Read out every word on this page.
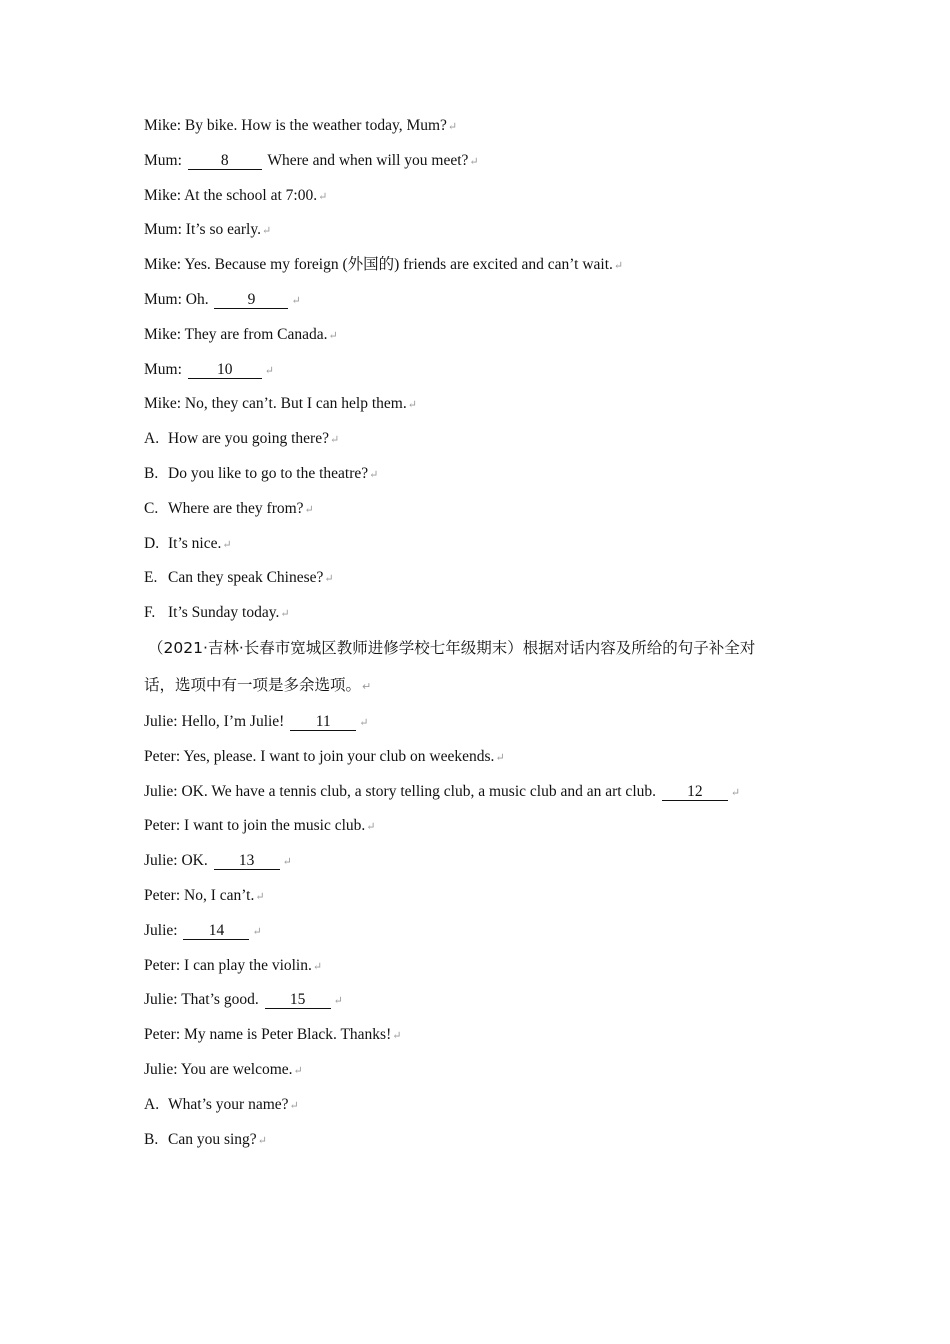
Mike: By bike. How is the weather today, Mum?↵
Mum:	8 Where and when will you meet?↵
Mike: At the school at 7:00.↵
Mum: It’s so early.↵
Mike: Yes. Because my foreign (外国的) friends are excited and can’t wait.↵
Mum: Oh.	9	↵
Mike: They are from Canada.↵
Mum: 10	↵
Mike: No, they can’t. But I can help them.↵
A. How are you going there?↵
B. Do you like to go to the theatre?↵
C. Where are they from?↵
D. It’s nice.↵
E. Can they speak Chinese?↵
F. It’s Sunday today.↵
（2021·吉林·长春市宽城区教师进修学校七年级期末）根据对话内容及所给的句子补全对
话，选项中有一项是多余选项。↵
Julie: Hello, I’m Julie! 11	↵
Peter: Yes, please. I want to join your club on weekends.↵
Julie: OK. We have a tennis club, a story telling club, a music club and an art club. 12	↵
Peter: I want to join the music club.↵
Julie: OK. 13	↵
Peter: No, I can’t.↵
Julie: 14	↵
Peter: I can play the violin.↵
Julie: That’s good. 15	↵
Peter: My name is Peter Black. Thanks!↵
Julie: You are welcome.↵
A. What’s your name?↵
B. Can you sing?↵
